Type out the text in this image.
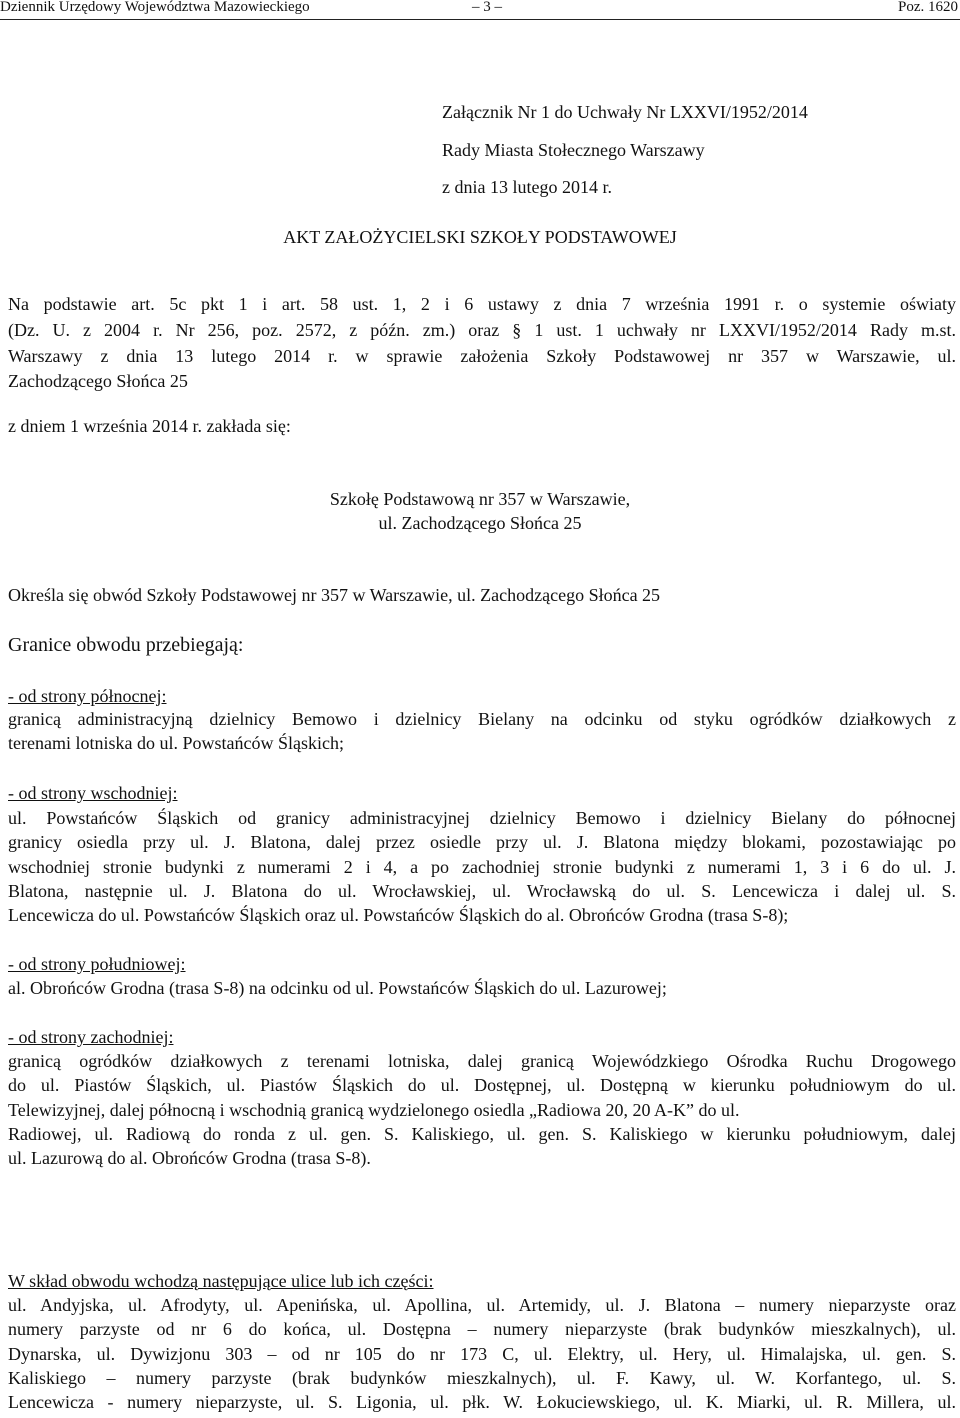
Dziennik Urzędowy Województwa Mazowieckiego	– 3 –	Poz. 1620
Załącznik Nr 1 do Uchwały Nr LXXVI/1952/2014
Rady Miasta Stołecznego Warszawy
z dnia 13 lutego 2014 r.
AKT ZAŁOŻYCIELSKI SZKOŁY PODSTAWOWEJ
Na podstawie art. 5c pkt 1 i art. 58 ust. 1, 2 i 6 ustawy z dnia 7 września 1991 r. o systemie oświaty
(Dz. U. z 2004 r. Nr 256, poz. 2572, z późn. zm.) oraz § 1 ust. 1 uchwały nr LXXVI/1952/2014 Rady m.st.
Warszawy z dnia 13 lutego 2014 r. w sprawie założenia Szkoły Podstawowej nr 357 w Warszawie, ul.
Zachodzącego Słońca 25
z dniem 1 września 2014 r. zakłada się:
Szkołę Podstawową nr 357 w Warszawie,
ul. Zachodzącego Słońca 25
Określa się obwód Szkoły Podstawowej nr 357 w Warszawie, ul. Zachodzącego Słońca 25
Granice obwodu przebiegają:
- od strony północnej:
granicą administracyjną dzielnicy Bemowo i dzielnicy Bielany na odcinku od styku ogródków działkowych z
terenami lotniska do ul. Powstańców Śląskich;
- od strony wschodniej:
ul. Powstańców Śląskich od granicy administracyjnej dzielnicy Bemowo i dzielnicy Bielany do północnej
granicy osiedla przy ul. J. Blatona, dalej przez osiedle przy ul. J. Blatona między blokami, pozostawiając po
wschodniej stronie budynki z numerami 2 i 4, a po zachodniej stronie budynki z numerami 1, 3 i 6 do ul. J.
Blatona, następnie ul. J. Blatona do ul. Wrocławskiej, ul. Wrocławską do ul. S. Lencewicza i dalej ul. S.
Lencewicza do ul. Powstańców Śląskich oraz ul. Powstańców Śląskich do al. Obrońców Grodna (trasa S-8);
- od strony południowej:
al. Obrońców Grodna (trasa S-8) na odcinku od ul. Powstańców Śląskich do ul. Lazurowej;
- od strony zachodniej:
granicą ogródków działkowych z terenami lotniska, dalej granicą Wojewódzkiego Ośrodka Ruchu Drogowego
do ul. Piastów Śląskich, ul. Piastów Śląskich do ul. Dostępnej, ul. Dostępną w kierunku południowym do ul.
Telewizyjnej, dalej północną i wschodnią granicą wydzielonego osiedla „Radiowa 20, 20 A-K” do ul.
Radiowej, ul. Radiową do ronda z ul. gen. S. Kaliskiego, ul. gen. S. Kaliskiego w kierunku południowym, dalej
ul. Lazurową do al. Obrońców Grodna (trasa S-8).
W skład obwodu wchodzą następujące ulice lub ich części:
ul. Andyjska, ul. Afrodyty, ul. Apenińska, ul. Apollina, ul. Artemidy, ul. J. Blatona – numery nieparzyste oraz
numery parzyste od nr 6 do końca, ul. Dostępna – numery nieparzyste (brak budynków mieszkalnych), ul.
Dynarska, ul. Dywizjonu 303 – od nr 105 do nr 173 C, ul. Elektry, ul. Hery, ul. Himalajska, ul. gen. S.
Kaliskiego – numery parzyste (brak budynków mieszkalnych), ul. F. Kawy, ul. W. Korfantego, ul. S.
Lencewicza - numery nieparzyste, ul. S. Ligonia, ul. płk. W. Łokuciewskiego, ul. K. Miarki, ul. R. Millera, ul.
